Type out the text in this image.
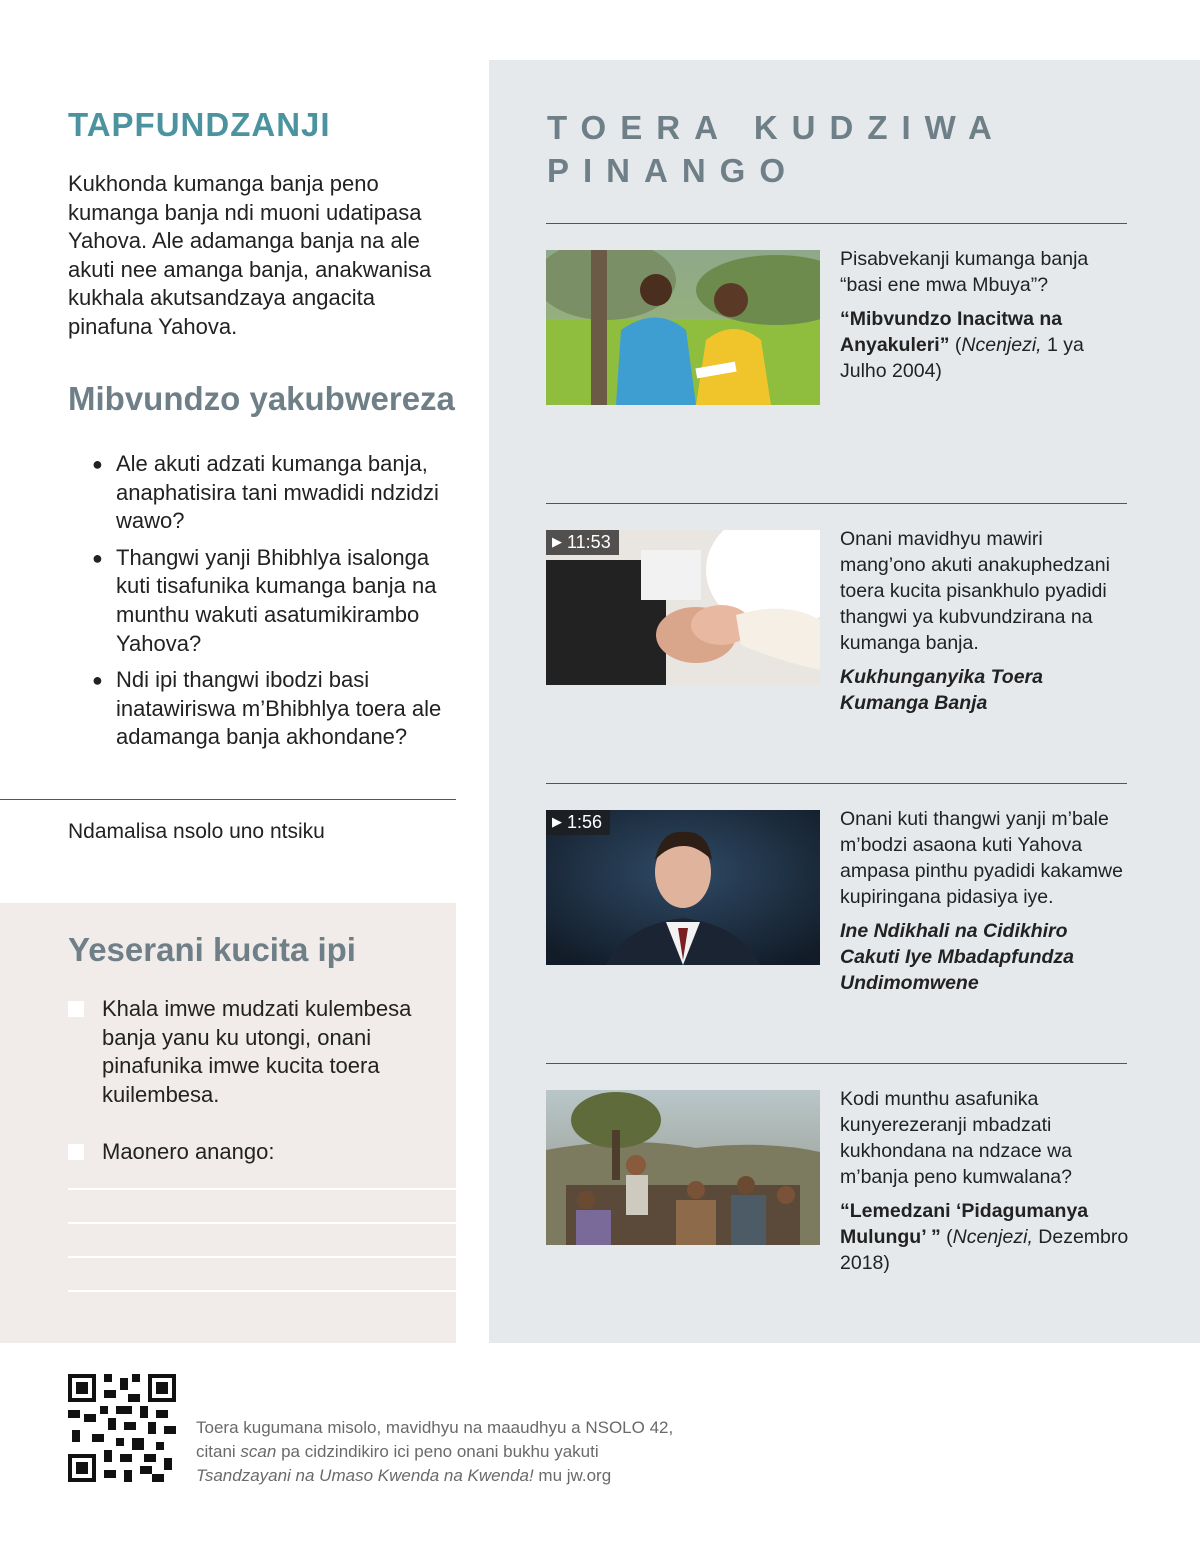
TAPFUNDZANJI

Kukhonda kumanga banja peno kumanga banja ndi muoni udatipasa Yahova. Ale adamanga banja na ale akuti nee amanga banja, anakwanisa kukhala akutsandzaya angacita pinafuna Yahova.

Mibvundzo yakubwereza
● Ale akuti adzati kumanga banja, anaphatisira tani mwadidi ndzidzi wawo?
● Thangwi yanji Bhibhlya isalonga kuti tisafunika kumanga banja na munthu wakuti asatumikirambo Yahova?
● Ndi ipi thangwi ibodzi basi inatawiriswa m’Bhibhlya toera ale adamanga banja akhondane?
Ndamalisa nsolo uno ntsiku
Yeserani kucita ipi
Khala imwe mudzati kulembesa banja yanu ku utongi, onani pinafunika imwe kucita toera kuilembesa.
Maonero anango:
TOERA KUDZIWA PINANGO
Pisabvekanji kumanga banja “basi ene mwa Mbuya”?
“Mibvundzo Inacitwa na Anyakuleri” (Ncenjezi, 1 ya Julho 2004)
▶ 11:53	Onani mavidhyu mawiri mang’ono akuti anakuphedzani toera kucita pisankhulo pyadidi thangwi ya kubvundzirana na kumanga banja.
Kukhunganyika Toera Kumanga Banja
▶ 1:56	Onani kuti thangwi yanji m’bale m’bodzi asaona kuti Yahova ampasa pinthu pyadidi kakamwe kupiringana pidasiya iye.
Ine Ndikhali na Cidikhiro Cakuti Iye Mbadapfundza Undimomwene
Kodi munthu asafunika kunyerezeranji mbadzati kukhondana na ndzace wa m’banja peno kumwalana?
“Lemedzani ‘Pidagumanya Mulungu’ ” (Ncenjezi, Dezembro 2018)
Toera kugumana misolo, mavidhyu na maaudhyu a NSOLO 42,
citani scan pa cidzindikiro ici peno onani bukhu yakuti
Tsandzayani na Umaso Kwenda na Kwenda! mu jw.org
